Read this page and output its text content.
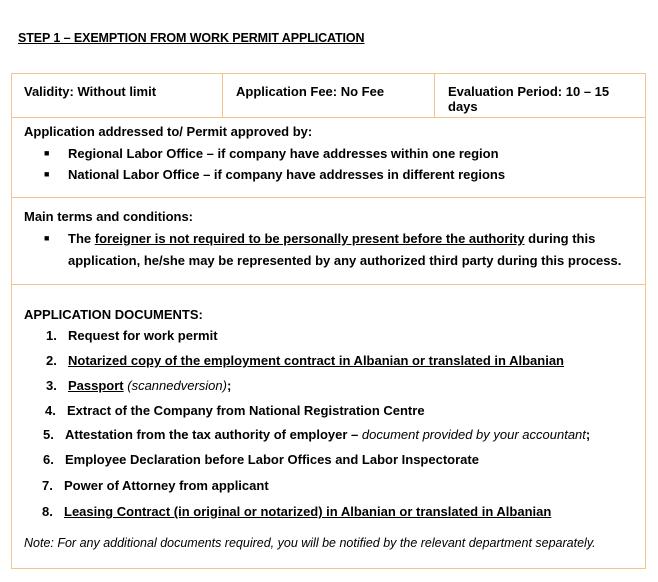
STEP 1 – EXEMPTION FROM WORK PERMIT APPLICATION
Validity: Without limit	Application Fee: No Fee	Evaluation Period: 10 – 15 days
Application addressed to/ Permit approved by:
■	Regional Labor Office – if company have addresses within one region
■	National Labor Office – if company have addresses in different regions
Main terms and conditions:
■	The foreigner is not required to be personally present before the authority during this
application, he/she may be represented by any authorized third party during this process.
APPLICATION DOCUMENTS:
1. Request for work permit
2. Notarized copy of the employment contract in Albanian or translated in Albanian
3. Passport (scannedversion) ;
4. Extract of the Company from National Registration Centre
5. Attestation from the tax authority of employer – document provided by your accountant ;
6. Employee Declaration before Labor Offices and Labor Inspectorate
7. Power of Attorney from applicant
8. Leasing Contract (in original or notarized) in Albanian or translated in Albanian
Note: For any additional documents required, you will be notified by the relevant department separately.
